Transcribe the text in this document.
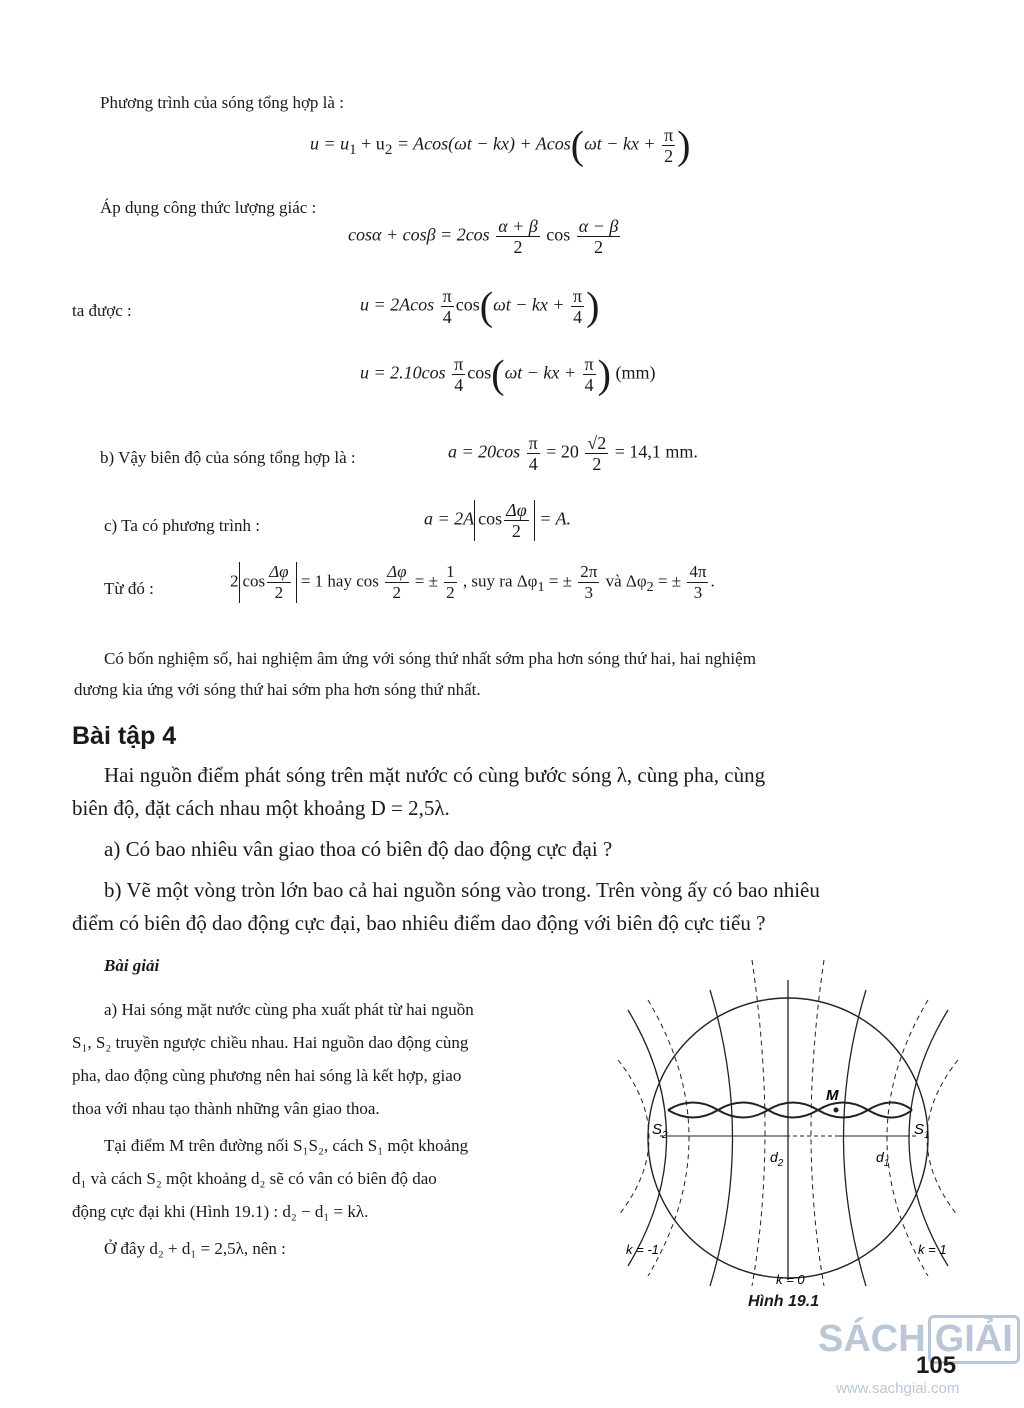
Phương trình của sóng tổng hợp là :
$u = u_1 + u_2 = Acos(\omega t - kx) + Acos(\omega t$ − kx + $\frac{\pi}{2}$ )
Áp dụng công thức lượng giác :
$\cos\alpha + \cos\beta = 2\cos \frac{\alpha + \beta}{2}$ $\cos \frac{\alpha - \beta}{2}$
ta được :	$u = 2Acos \frac{\pi}{4} \cos(\omega t$ − kx + $\frac{\pi}{4}$ )
$u = 2.10\cos \frac{\pi}{4} \cos(\omega t$ − kx + $\frac{\pi}{4}$ ) (mm)
b) Vậy biên độ của sóng tổng hợp là :	$a = 20\cos \frac{\pi}{4} = 20 \frac{√2}{2} = 14,1$ mm.
c) Ta có phương trình :	a = 2A $\cos \frac{\Delta\varphi}{2} = A$.
Từ đó :	2 $\cos \frac{\Delta\varphi}{2} = 1$ hay $\cos \frac{\Delta\varphi}{2}$ = ± $\frac{1}{2}$ , suy ra $\Delta\varphi_1$ = ± $\frac{2\pi}{3}$ và $\Delta\varphi_2$ = ± $\frac{4\pi}{3}$ .
Có bốn nghiệm số, hai nghiệm âm ứng với sóng thứ nhất sớm pha hơn sóng thứ hai, hai nghiệm
dương kia ứng với sóng thứ hai sớm pha hơn sóng thứ nhất.
Bài tập 4
Hai nguồn điểm phát sóng trên mặt nước có cùng bước sóng λ, cùng pha, cùng
biên độ, đặt cách nhau một khoảng D = 2,5λ.
a) Có bao nhiêu vân giao thoa có biên độ dao động cực đại ?
b) Vẽ một vòng tròn lớn bao cả hai nguồn sóng vào trong. Trên vòng ấy có bao nhiêu
điểm có biên độ dao động cực đại, bao nhiêu điểm dao động với biên độ cực tiểu ?
Bài giải
a) Hai sóng mặt nước cùng pha xuất phát từ hai nguồn
S₁, S₂ truyền ngược chiều nhau. Hai nguồn dao động cùng
pha, dao động cùng phương nên hai sóng là kết hợp, giao
thoa với nhau tạo thành những vân giao thoa.
Tại điểm M trên đường nối S₁S₂, cách S₁ một khoảng
d₁ và cách S₂ một khoảng d₂ sẽ có vân có biên độ dao
động cực đại khi (Hình 19.1) : d₂ − d₁ = kλ.
Ở đây d₂ + d₁ = 2,5λ, nên :
M
$S_2$	$S_1$
$d_2$	$d_1$
k = -1	k = 1
k = 0
Hình 19.1
SÁCH GIẢI
105
www.sachgiai.com
